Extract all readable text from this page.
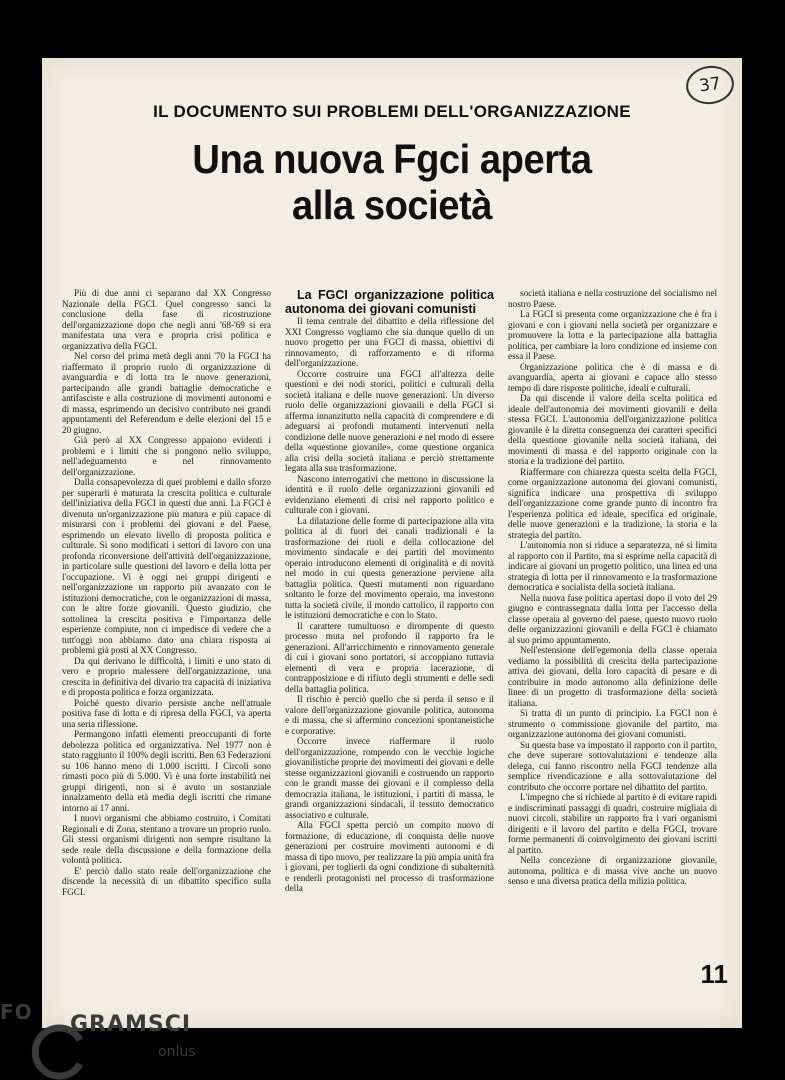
37
IL DOCUMENTO SUI PROBLEMI DELL'ORGANIZZAZIONE
Una nuova Fgci aperta
alla società

Più di due anni ci separano dal XX Congresso Nazionale della FGCI. Quel congresso sancì la conclusione della fase di ricostruzione dell'organizzazione dopo che negli anni '68-'69 si era manifestata una vera e propria crisi politica e organizzativa della FGCI.

Nel corso del prima metà degli anni '70 la FGCI ha riaffermato il proprio ruolo di organizzazione di avanguardia e di lotta tra le nuove generazioni, partecipando alle grandi battaglie democratiche e antifasciste e alla costruzione di movimenti autonomi e di massa, esprimendo un decisivo contributo nei grandi appuntamenti del Referendum e delle elezioni del 15 e 20 giugno.

Già però al XX Congresso appaiono evidenti i problemi e i limiti che si pongono nello sviluppo, nell'adeguamento e nel rinnovamento dell'organizzazione.

Dalla consapevolezza di quei problemi e dallo sforzo per superarli è maturata la crescita politica e culturale dell'iniziativa della FGCI in questi due anni. La FGCI è divenuta un'organizzazione più matura e più capace di misurarsi con i problemi dei giovani e del Paese, esprimendo un elevato livello di proposta politica e culturale. Si sono modificati i settori di lavoro con una profonda riconversione dell'attività dell'organizzazione, in particolare sulle questioni del lavoro e della lotta per l'occupazione. Vi è oggi nei gruppi dirigenti e nell'organizzazione un rapporto più avanzato con le istituzioni democratiche, con le organizzazioni di massa, con le altre forze giovanili. Questo giudizio, che sottolinea la crescita positiva e l'importanza delle esperienze compiute, non ci impedisce di vedere che a tutt'oggi non abbiamo dato una chiara risposta ai problemi già posti al XX Congresso.

Da qui derivano le difficoltà, i limiti e uno stato di vero e proprio malessere dell'organizzazione, una crescita in definitiva del divario tra capacità di iniziativa e di proposta politica e forza organizzata.

Poiché questo divario persiste anche nell'attuale positiva fase di lotta e di ripresa della FGCI, va aperta una seria riflessione.

Permangono infatti elementi preoccupanti di forte debolezza politica ed organizzativa. Nel 1977 non è stato raggiunto il 100% degli iscritti. Ben 63 Federazioni su 106 hanno meno di 1.000 iscritti. I Circoli sono rimasti poco più di 5.000. Vi è una forte instabilità nei gruppi dirigenti, non si è avuto un sostanziale innalzamento della età media degli iscritti che rimane intorno ai 17 anni.

I nuovi organismi che abbiamo costruito, i Comitati Regionali e di Zona, stentano a trovare un proprio ruolo. Gli stessi organismi dirigenti non sempre risultano la sede reale della discussione e della formazione della volontà politica.

E' perciò dallo stato reale dell'organizzazione che discende la necessità di un dibattito specifico sulla FGCI.

La FGCI organizzazione politica autonoma dei giovani comunisti

Il tema centrale del dibattito e della riflessione del XXI Congresso vogliamo che sia dunque quello di un nuovo progetto per una FGCI di massa, obiettivi di rinnovamento, di rafforzamento e di riforma dell'organizzazione.

Occorre costruire una FGCI all'altezza delle questioni e dei nodi storici, politici e culturali della società italiana e delle nuove generazioni. Un diverso ruolo delle organizzazioni giovanili e della FGCI si afferma innanzitutto nella capacità di comprendere e di adeguarsi ai profondi mutamenti intervenuti nella condizione delle nuove generazioni e nel modo di essere della «questione giovanile», come questione organica alla crisi della società italiana e perciò strettamente legata alla sua trasformazione.

Nascono interrogativi che mettono in discussione la identità e il ruolo delle organizzazioni giovanili ed evidenziano elementi di crisi nel rapporto politico e culturale con i giovani.

La dilatazione delle forme di partecipazione alla vita politica al di fuori dei canali tradizionali e la trasformazione dei ruoli e della collocazione del movimento sindacale e dei partiti del movimento operaio introducono elementi di originalità e di novità nel modo in cui questa generazione perviene alla battaglia politica. Questi mutamenti non riguardano soltanto le forze del movimento operaio, ma investono tutta la società civile, il mondo cattolico, il rapporto con le istituzioni democratiche e con lo Stato.

Il carattere tumultuoso e dirompente di questo processo muta nel profondo il rapporto fra le generazioni. All'arricchimento e rinnovamento generale di cui i giovani sono portatori, si accoppiano tuttavia elementi di vera e propria lacerazione, di contrapposizione e di rifiuto degli strumenti e delle sedi della battaglia politica.

Il rischio è perciò quello che si perda il senso e il valore dell'organizzazione giovanile politica, autonoma e di massa, che si affermino concezioni spontaneistiche e corporative.

Occorre invece riaffermare il ruolo dell'organizzazione, rompendo con le vecchie logiche giovanilistiche proprie dei movimenti dei giovani e delle stesse organizzazioni giovanili e costruendo un rapporto con le grandi masse dei giovani e il complesso della democrazia italiana, le istituzioni, i partiti di massa, le grandi organizzazioni sindacali, il tessuto democratico associativo e culturale.

Alla FGCI spetta perciò un compito nuovo di formazione, di educazione, di conquista delle nuove generazioni per costruire movimenti autonomi e di massa di tipo nuovo, per realizzare la più ampia unità fra i giovani, per toglierli da ogni condizione di subalternità e renderli protagonisti nel processo di trasformazione della

società italiana e nella costruzione del socialismo nel nostro Paese.

La FGCI si presenta come organizzazione che è fra i giovani e con i giovani nella società per organizzare e promuovere la lotta e la partecipazione alla battaglia politica, per cambiare la loro condizione ed insieme con essa il Paese.

Organizzazione politica che è di massa e di avanguardia, aperta ai giovani e capace allo stesso tempo di dare risposte politiche, ideali e culturali.

Da qui discende il valore della scelta politica ed ideale dell'autonomia dei movimenti giovanili e della stessa FGCI. L'autonomia dell'organizzazione politica giovanile è la diretta conseguenza dei caratteri specifici della questione giovanile nella società italiana, dei movimenti di massa e del rapporto originale con la storia e la tradizione del partito.

Riaffermare con chiarezza questa scelta della FGCI, come organizzazione autonoma dei giovani comunisti, significa indicare una prospettiva di sviluppo dell'organizzazione come grande punto di incontro fra l'esperienza politica ed ideale, specifica ed originale, delle nuove generazioni e la tradizione, la storia e la strategia del partito.

L'autonomia non si riduce a separatezza, né si limita al rapporto con il Partito, ma si esprime nella capacità di indicare ai giovani un progetto politico, una linea ed una strategia di lotta per il rinnovamento e la trasformazione democratica e socialista della società italiana.

Nella nuova fase politica apertasi dopo il voto del 29 giugno e contrassegnata dalla lotta per l'accesso della classe operaia al governo del paese, questo nuovo ruolo delle organizzazioni giovanili e della FGCI è chiamato al suo primo appuntamento.

Nell'estensione dell'egemonia della classe operaia vediamo la possibilità di crescita della partecipazione attiva dei giovani, della loro capacità di pesare e di contribuire in modo autonomo alla definizione delle linee di un progetto di trasformazione della società italiana.

Si tratta di un punto di principio. La FGCI non è strumento o commissione giovanile del partito, ma organizzazione autonoma dei giovani comunisti.

Su questa base va impostato il rapporto con il partito, che deve superare sottovalutazioni e tendenze alla delega, cui fanno riscontro nella FGCI tendenze alla semplice rivendicazione e alla sottovalutazione del contributo che occorre portare nel dibattito del partito.

L'impegno che si richiede al partito è di evitare rapidi e indiscriminati passaggi di quadri, costruire migliaia di nuovi circoli, stabilire un rapporto fra i vari organismi dirigenti e il lavoro del partito e della FGCI, trovare forme permanenti di coinvolgimento dei giovani iscritti al partito.

Nella concezione di organizzazione giovanile, autonoma, politica e di massa vive anche un nuovo senso e una diversa pratica della milizia politica.

11
FO GRAMSCI
onlus
